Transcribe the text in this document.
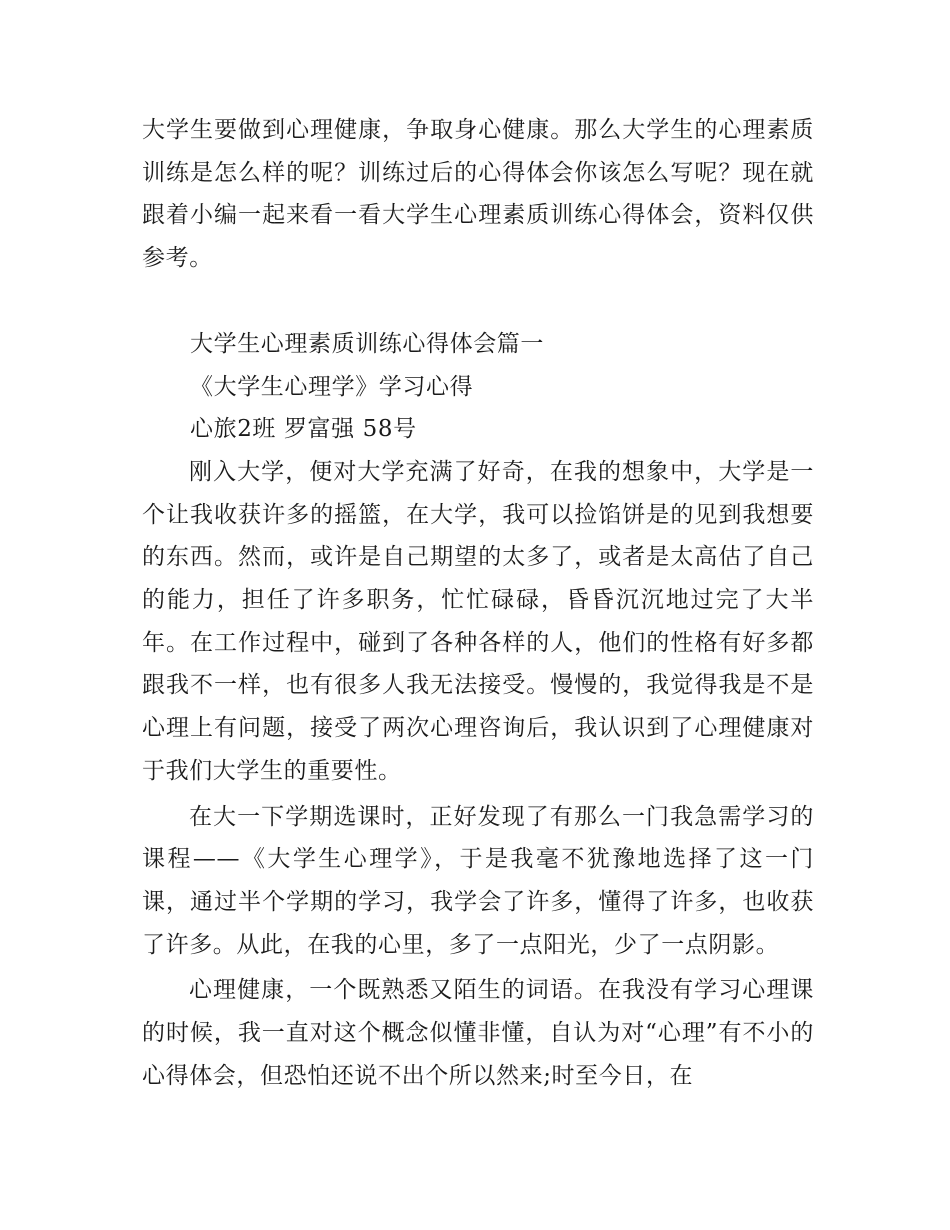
大学生要做到心理健康，争取身心健康。那么大学生的心理素质训练是怎么样的呢？训练过后的心得体会你该怎么写呢？现在就跟着小编一起来看一看大学生心理素质训练心得体会，资料仅供参考。

大学生心理素质训练心得体会篇一
《大学生心理学》学习心得
心旅2班 罗富强 58号

刚入大学，便对大学充满了好奇，在我的想象中，大学是一个让我收获许多的摇篮，在大学，我可以捡馅饼是的见到我想要的东西。然而，或许是自己期望的太多了，或者是太高估了自己的能力，担任了许多职务，忙忙碌碌，昏昏沉沉地过完了大半年。在工作过程中，碰到了各种各样的人，他们的性格有好多都跟我不一样，也有很多人我无法接受。慢慢的，我觉得我是不是心理上有问题，接受了两次心理咨询后，我认识到了心理健康对于我们大学生的重要性。

在大一下学期选课时，正好发现了有那么一门我急需学习的课程——《大学生心理学》，于是我毫不犹豫地选择了这一门课，通过半个学期的学习，我学会了许多，懂得了许多，也收获了许多。从此，在我的心里，多了一点阳光，少了一点阴影。

心理健康，一个既熟悉又陌生的词语。在我没有学习心理课的时候，我一直对这个概念似懂非懂，自认为对“心理”有不小的心得体会，但恐怕还说不出个所以然来;时至今日，在
